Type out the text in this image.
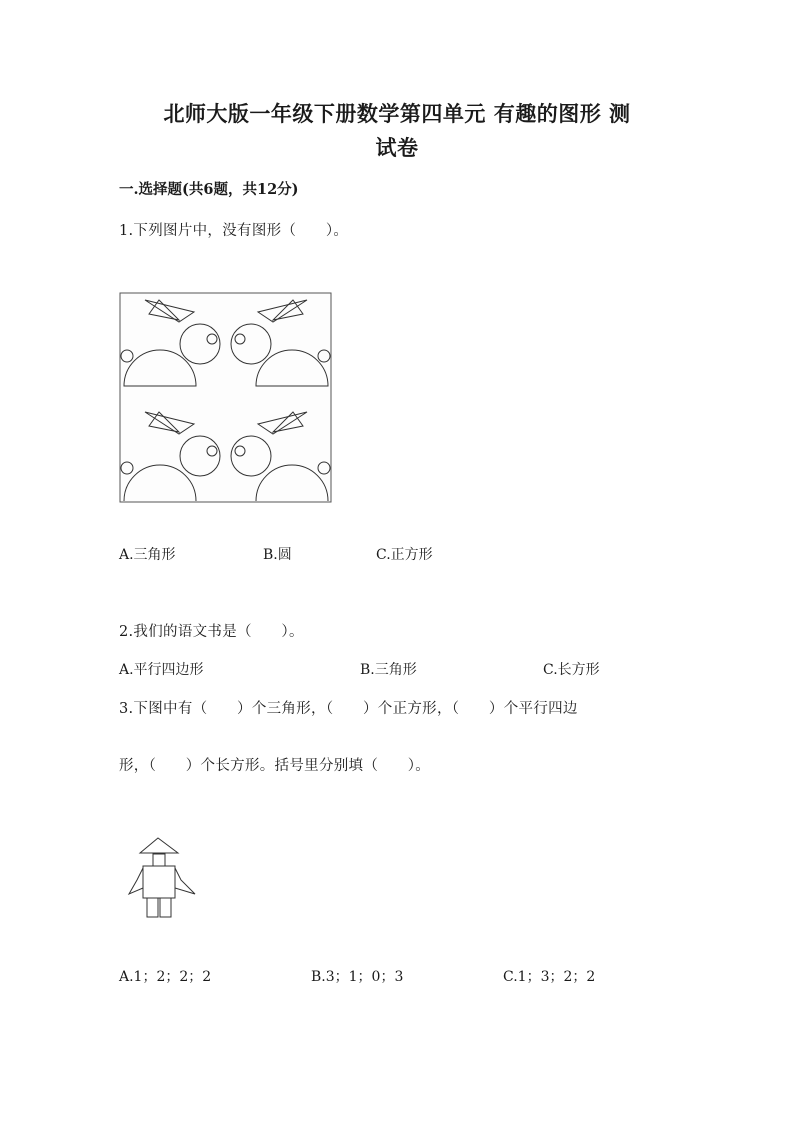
北师大版一年级下册数学第四单元 有趣的图形 测
试卷
一.选择题(共6题，共12分)
1.下列图片中，没有图形（　　）。
A.三角形	B.圆	C.正方形
2.我们的语文书是（　　）。
A.平行四边形	B.三角形	C.长方形
3.下图中有（　　）个三角形，（　　）个正方形，（　　）个平行四边
形，（　　）个长方形。括号里分别填（　　）。
A.1；2；2；2	B.3；1；0；3	C.1；3；2；2
